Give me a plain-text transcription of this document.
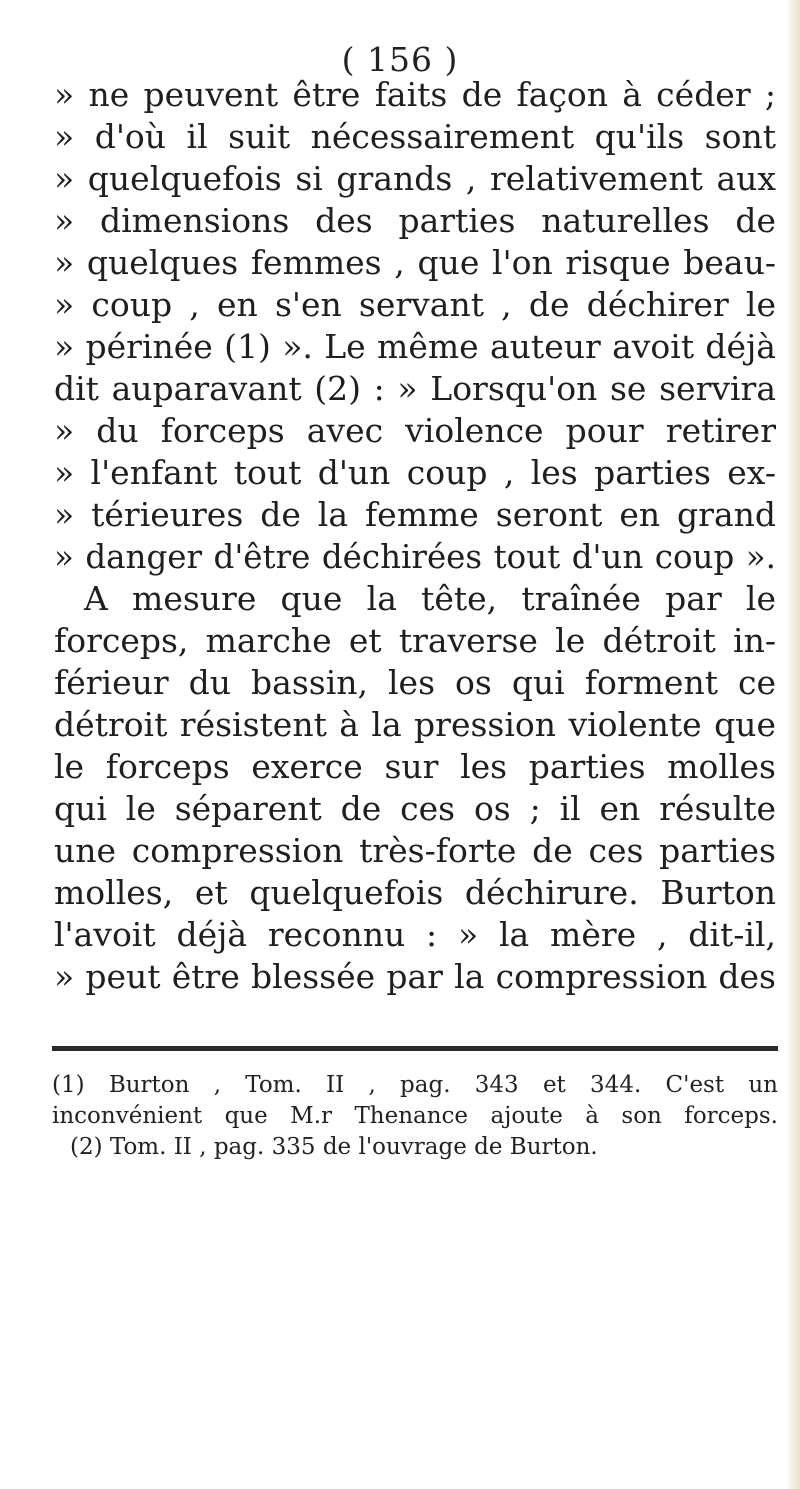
( 156 )
» ne peuvent être faits de façon à céder ;
» d'où il suit nécessairement qu'ils sont
» quelquefois si grands , relativement aux
» dimensions des parties naturelles de
» quelques femmes , que l'on risque beau-
» coup , en s'en servant , de déchirer le
» périnée (1) ». Le même auteur avoit déjà
dit auparavant (2) : » Lorsqu'on se servira
» du forceps avec violence pour retirer
» l'enfant tout d'un coup , les parties ex-
» térieures de la femme seront en grand
» danger d'être déchirées tout d'un coup ».
A mesure que la tête, traînée par le
forceps, marche et traverse le détroit in-
férieur du bassin, les os qui forment ce
détroit résistent à la pression violente que
le forceps exerce sur les parties molles
qui le séparent de ces os ; il en résulte
une compression très-forte de ces parties
molles, et quelquefois déchirure. Burton
l'avoit déjà reconnu : » la mère , dit-il,
» peut être blessée par la compression des
(1) Burton , Tom. II , pag. 343 et 344. C'est un
inconvénient que M.r Thenance ajoute à son forceps.
(2) Tom. II , pag. 335 de l'ouvrage de Burton.
